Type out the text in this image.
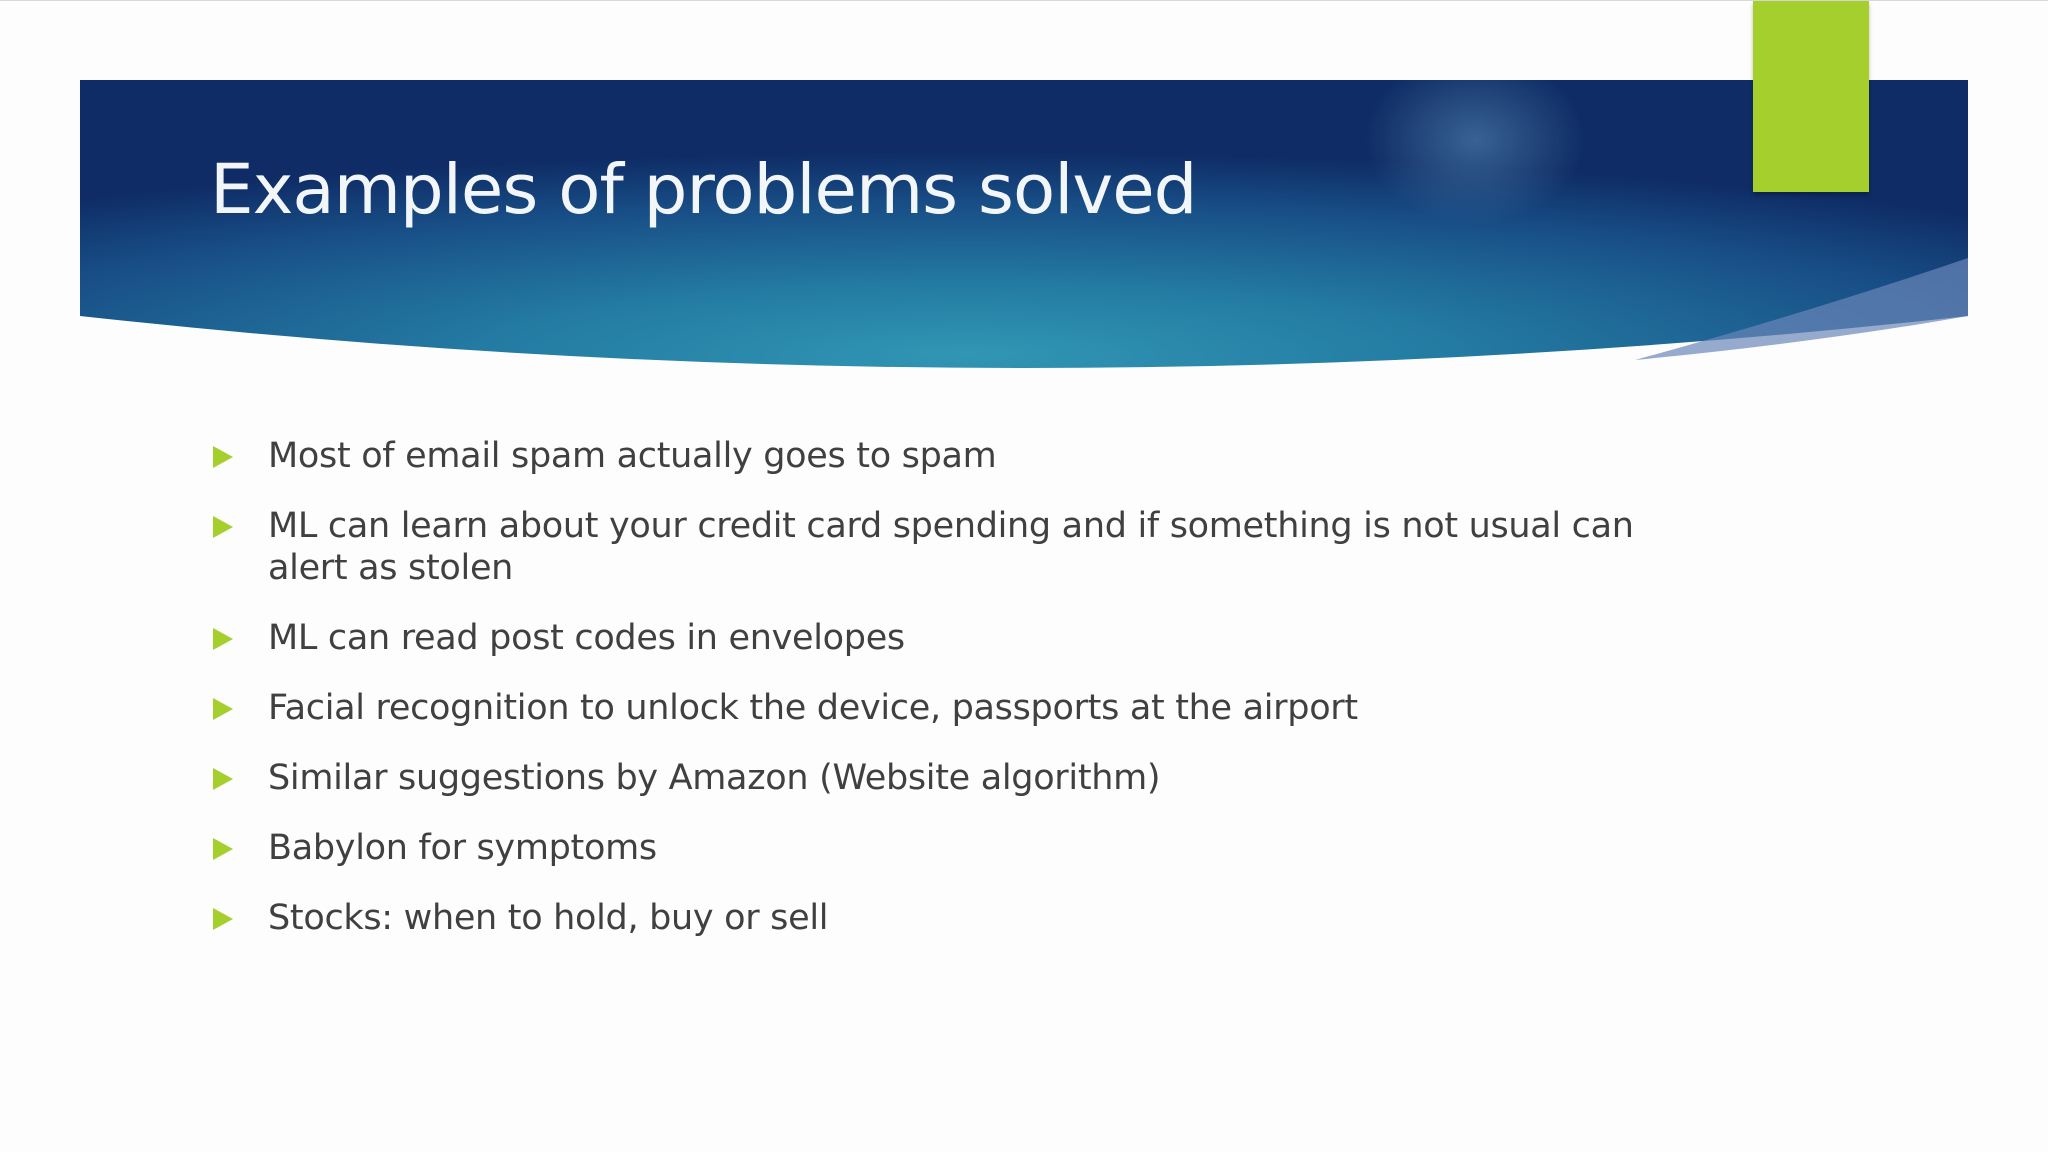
Examples of problems solved
Most of email spam actually goes to spam
ML can learn about your credit card spending and if something is not usual can alert as stolen
ML can read post codes in envelopes
Facial recognition to unlock the device, passports at the airport
Similar suggestions by Amazon (Website algorithm)
Babylon for symptoms
Stocks: when to hold, buy or sell
